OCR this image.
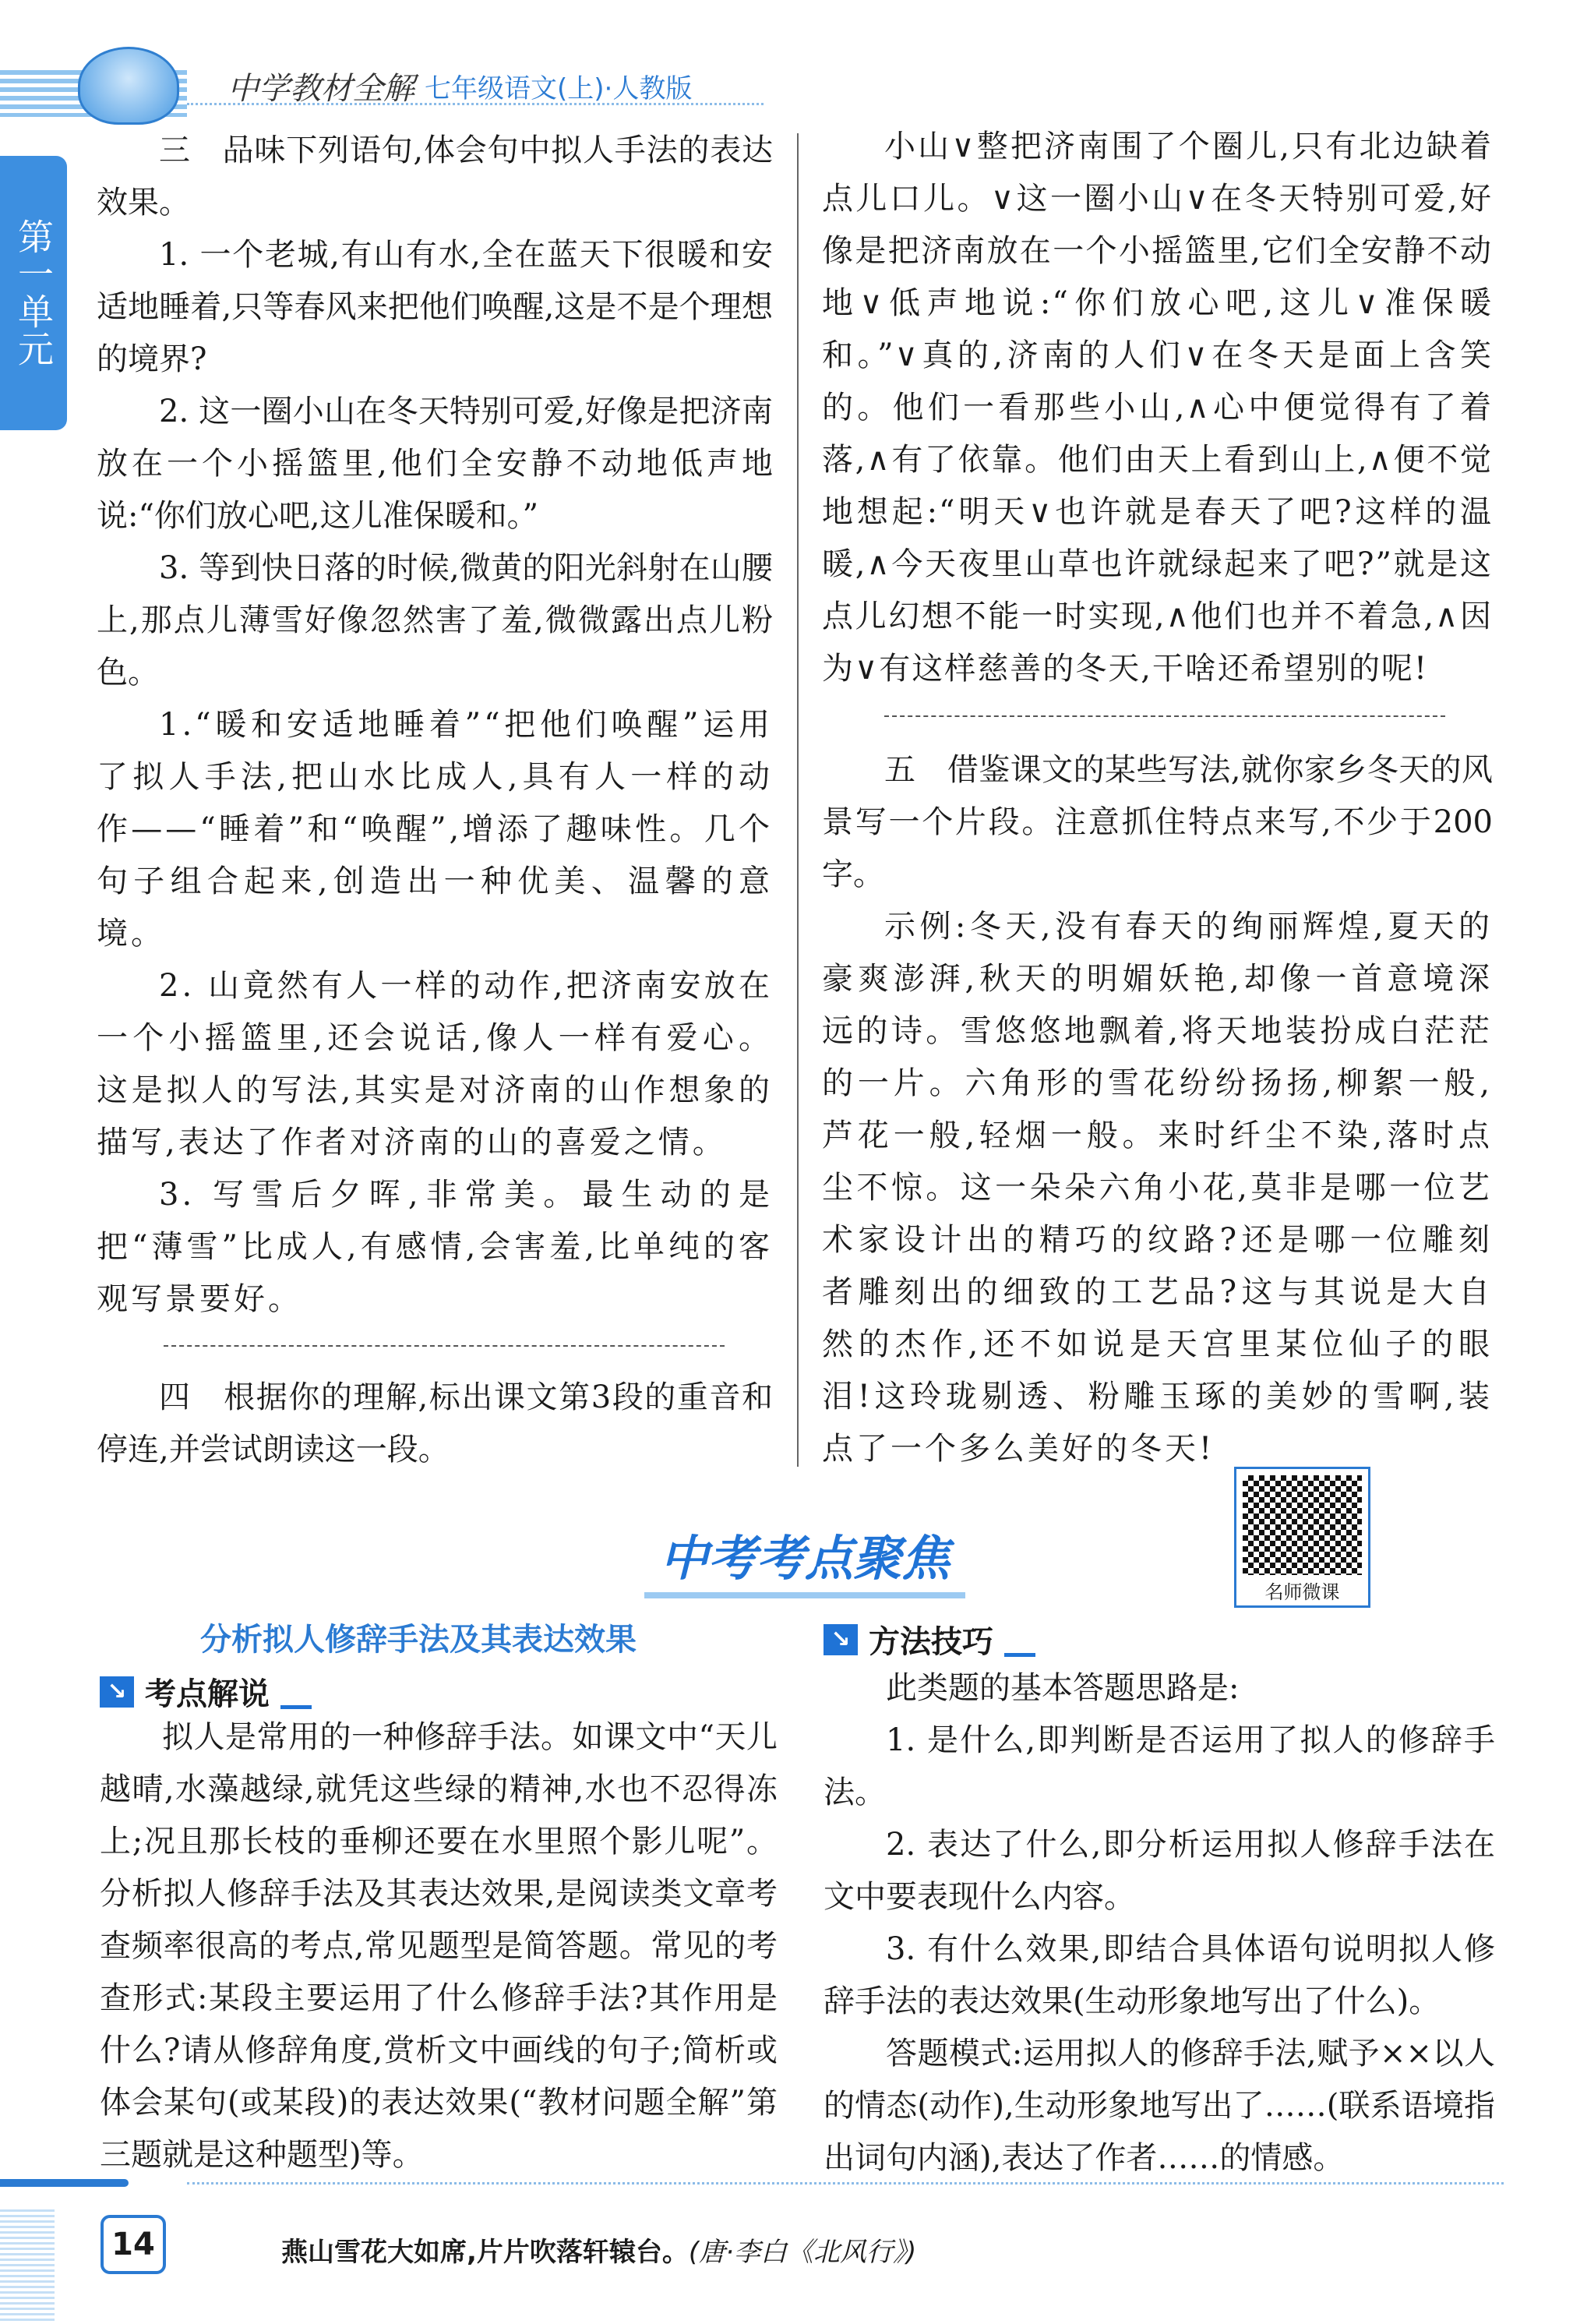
中学教材全解 七年级语文(上)·人教版
第一单元
三　品味下列语句,体会句中拟人手法的表达效果。
1. 一个老城,有山有水,全在蓝天下很暖和安适地睡着,只等春风来把他们唤醒,这是不是个理想的境界?
2. 这一圈小山在冬天特别可爱,好像是把济南放在一个小摇篮里,他们全安静不动地低声地说:“你们放心吧,这儿准保暖和。”
3. 等到快日落的时候,微黄的阳光斜射在山腰上,那点儿薄雪好像忽然害了羞,微微露出点儿粉色。
1.“暖和安适地睡着”“把他们唤醒”运用了拟人手法,把山水比成人,具有人一样的动作——“睡着”和“唤醒”,增添了趣味性。几个句子组合起来,创造出一种优美、温馨的意境。
2. 山竟然有人一样的动作,把济南安放在一个小摇篮里,还会说话,像人一样有爱心。这是拟人的写法,其实是对济南的山作想象的描写,表达了作者对济南的山的喜爱之情。
3. 写雪后夕晖,非常美。最生动的是把“薄雪”比成人,有感情,会害羞,比单纯的客观写景要好。
四　根据你的理解,标出课文第3段的重音和停连,并尝试朗读这一段。
小山∨整把济南围了个圈儿,只有北边缺着点儿口儿。∨这一圈小山∨在冬天特别可爱,好像是把济南放在一个小摇篮里,它们全安静不动地∨低声地说:“你们放心吧,这儿∨准保暖和。”∨真的,济南的人们∨在冬天是面上含笑的。他们一看那些小山,∧心中便觉得有了着落,∧有了依靠。他们由天上看到山上,∧便不觉地想起:“明天∨也许就是春天了吧?这样的温暖,∧今天夜里山草也许就绿起来了吧?”就是这点儿幻想不能一时实现,∧他们也并不着急,∧因为∨有这样慈善的冬天,干啥还希望别的呢!
五　借鉴课文的某些写法,就你家乡冬天的风景写一个片段。注意抓住特点来写,不少于200字。
示例:冬天,没有春天的绚丽辉煌,夏天的豪爽澎湃,秋天的明媚妖艳,却像一首意境深远的诗。雪悠悠地飘着,将天地装扮成白茫茫的一片。六角形的雪花纷纷扬扬,柳絮一般,芦花一般,轻烟一般。来时纤尘不染,落时点尘不惊。这一朵朵六角小花,莫非是哪一位艺术家设计出的精巧的纹路?还是哪一位雕刻者雕刻出的细致的工艺品?这与其说是大自然的杰作,还不如说是天宫里某位仙子的眼泪!这玲珑剔透、粉雕玉琢的美妙的雪啊,装点了一个多么美好的冬天!
中考考点聚焦
名师微课
分析拟人修辞手法及其表达效果
↘ 考点解说
拟人是常用的一种修辞手法。如课文中“天儿越晴,水藻越绿,就凭这些绿的精神,水也不忍得冻上;况且那长枝的垂柳还要在水里照个影儿呢”。分析拟人修辞手法及其表达效果,是阅读类文章考查频率很高的考点,常见题型是简答题。常见的考查形式:某段主要运用了什么修辞手法?其作用是什么?请从修辞角度,赏析文中画线的句子;简析或体会某句(或某段)的表达效果(“教材问题全解”第三题就是这种题型)等。
↘ 方法技巧
此类题的基本答题思路是:
1. 是什么,即判断是否运用了拟人的修辞手法。
2. 表达了什么,即分析运用拟人修辞手法在文中要表现什么内容。
3. 有什么效果,即结合具体语句说明拟人修辞手法的表达效果(生动形象地写出了什么)。
答题模式:运用拟人的修辞手法,赋予××以人的情态(动作),生动形象地写出了……(联系语境指出词句内涵),表达了作者……的情感。
14	燕山雪花大如席,片片吹落轩辕台。(唐·李白《北风行》)
